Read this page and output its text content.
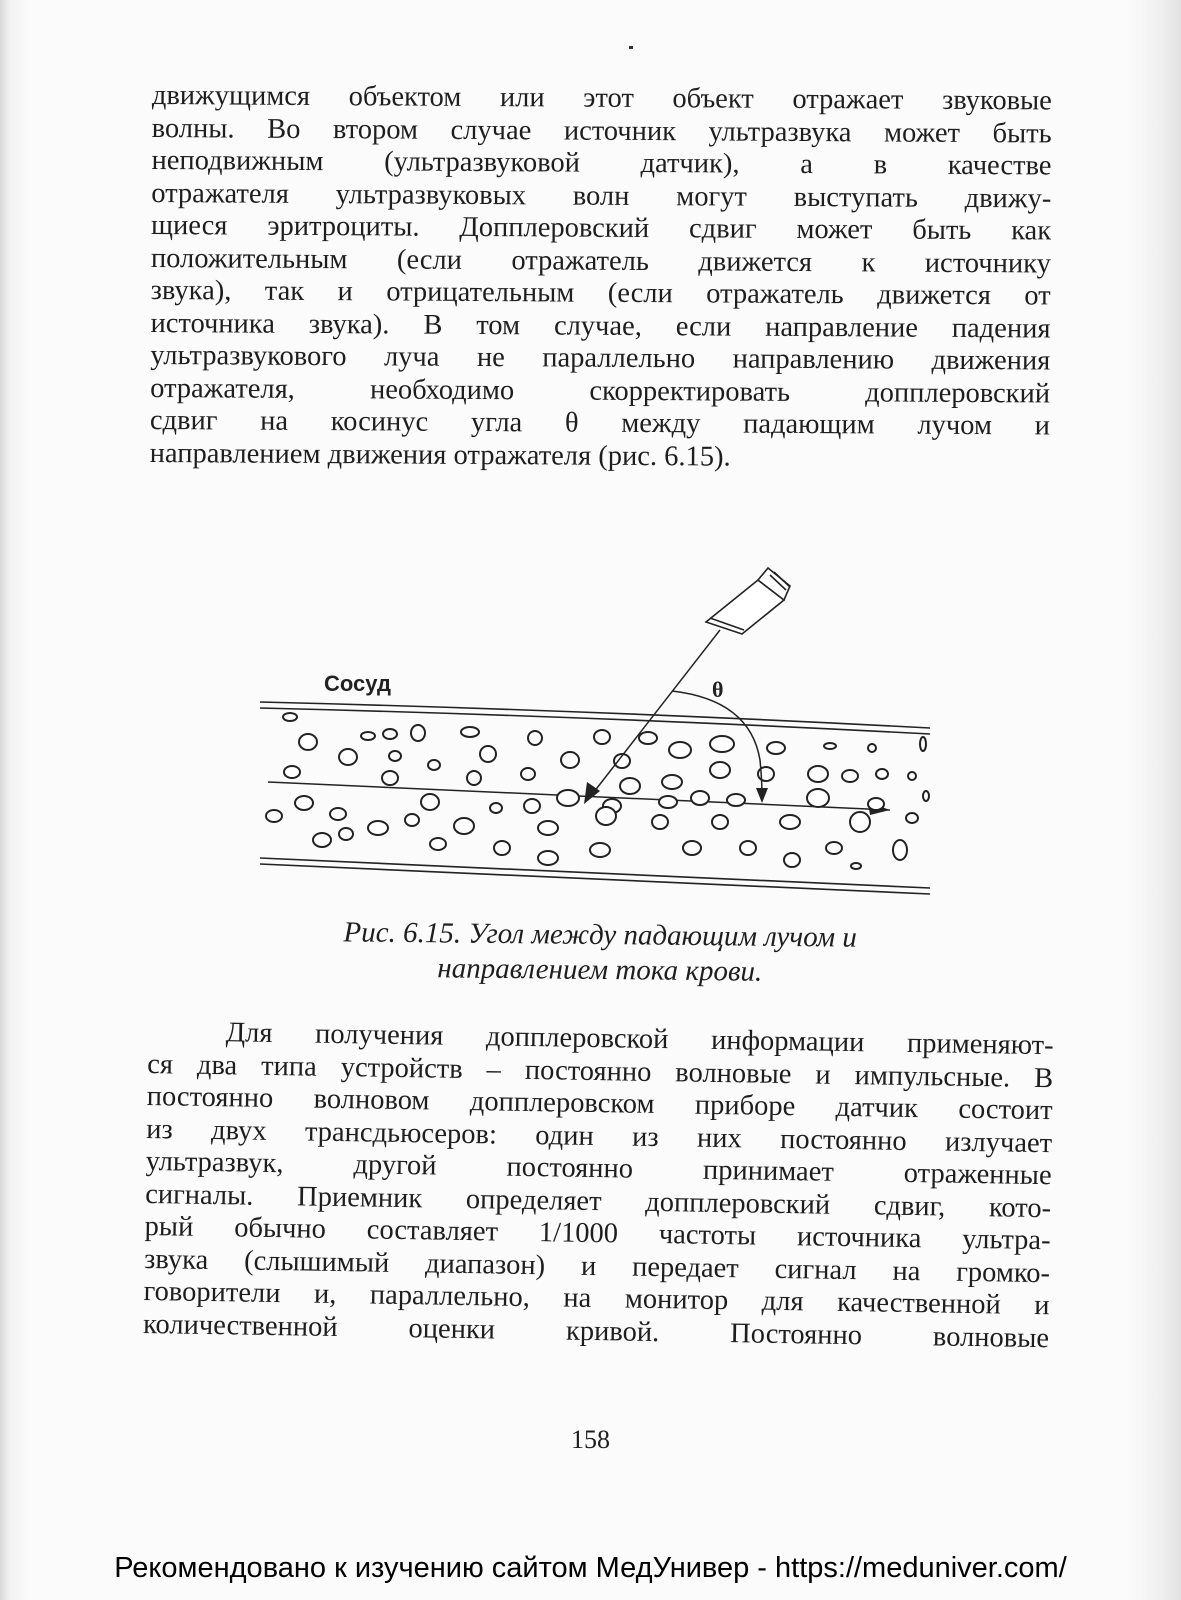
движущимся объектом или этот объект отражает звуковые
волны. Во втором случае источник ультразвука может быть
неподвижным (ультразвуковой датчик), а в качестве
отражателя ультразвуковых волн могут выступать движу-
щиеся эритроциты. Допплеровский сдвиг может быть как
положительным (если отражатель движется к источнику
звука), так и отрицательным (если отражатель движется от
источника звука). В том случае, если направление падения
ультразвукового луча не параллельно направлению движения
отражателя, необходимо скорректировать допплеровский
сдвиг на косинус угла θ между падающим лучом и
направлением движения отражателя (рис. 6.15).

Сосуд	θ
Рис. 6.15. Угол между падающим лучом и
направлением тока крови.

Для получения допплеровской информации применяют-
ся два типа устройств – постоянно волновые и импульсные. В
постоянно волновом допплеровском приборе датчик состоит
из двух трансдьюсеров: один из них постоянно излучает
ультразвук, другой постоянно принимает отраженные
сигналы. Приемник определяет допплеровский сдвиг, кото-
рый обычно составляет 1/1000 частоты источника ультра-
звука (слышимый диапазон) и передает сигнал на громко-
говорители и, параллельно, на монитор для качественной и
количественной оценки кривой. Постоянно волновые

158
Рекомендовано к изучению сайтом МедУнивер - https://meduniver.com/
